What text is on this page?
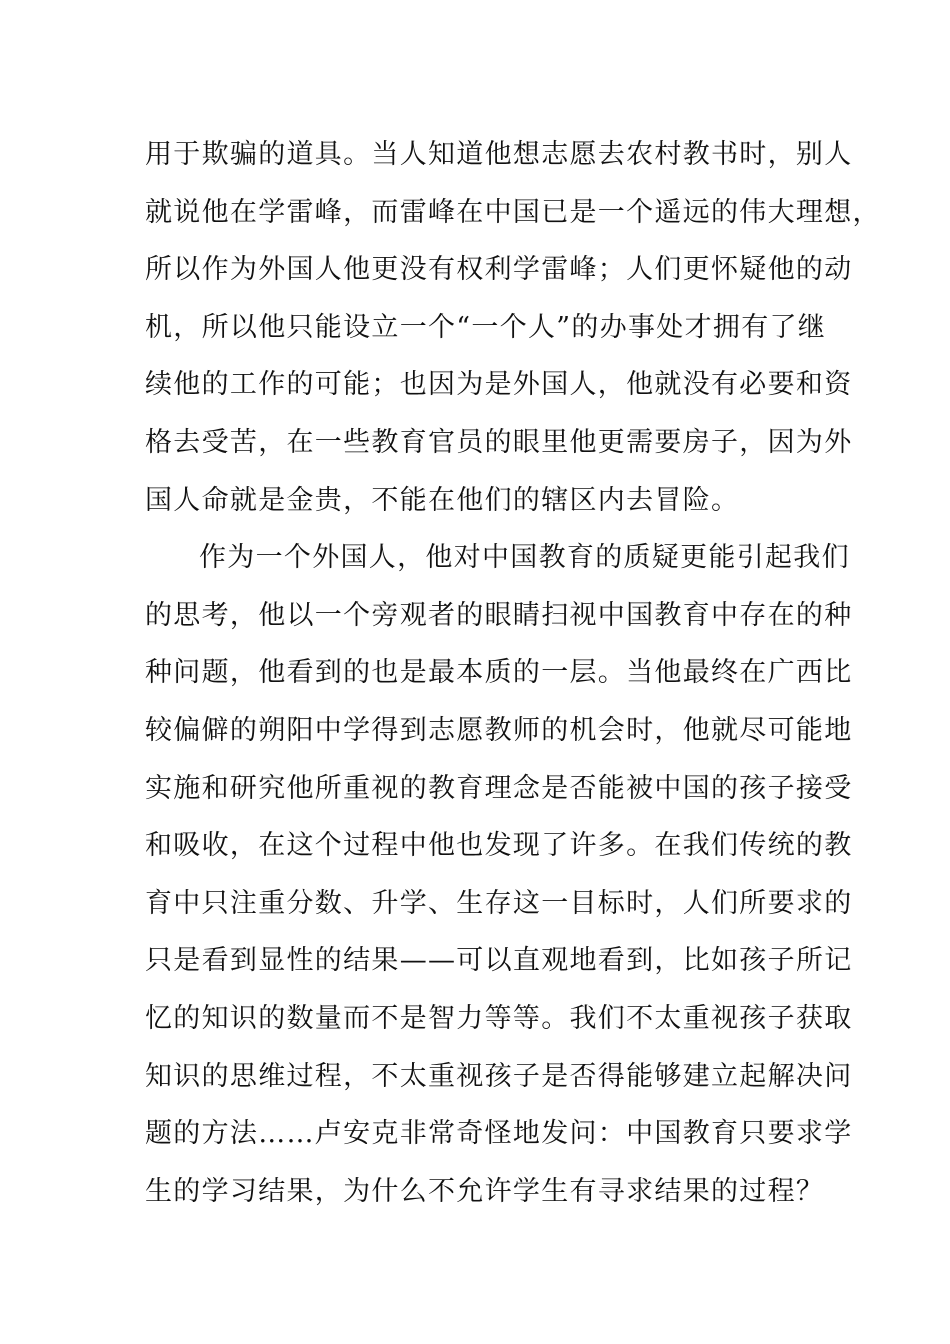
用于欺骗的道具。当人知道他想志愿去农村教书时，别人
就说他在学雷峰，而雷峰在中国已是一个遥远的伟大理想，
所以作为外国人他更没有权利学雷峰；人们更怀疑他的动
机，所以他只能设立一个“一个人”的办事处才拥有了继
续他的工作的可能；也因为是外国人，他就没有必要和资
格去受苦，在一些教育官员的眼里他更需要房子，因为外
国人命就是金贵，不能在他们的辖区内去冒险。
作为一个外国人，他对中国教育的质疑更能引起我们
的思考，他以一个旁观者的眼睛扫视中国教育中存在的种
种问题，他看到的也是最本质的一层。当他最终在广西比
较偏僻的朔阳中学得到志愿教师的机会时，他就尽可能地
实施和研究他所重视的教育理念是否能被中国的孩子接受
和吸收，在这个过程中他也发现了许多。在我们传统的教
育中只注重分数、升学、生存这一目标时，人们所要求的
只是看到显性的结果——可以直观地看到，比如孩子所记
忆的知识的数量而不是智力等等。我们不太重视孩子获取
知识的思维过程，不太重视孩子是否得能够建立起解决问
题的方法……卢安克非常奇怪地发问：中国教育只要求学
生的学习结果，为什么不允许学生有寻求结果的过程？
